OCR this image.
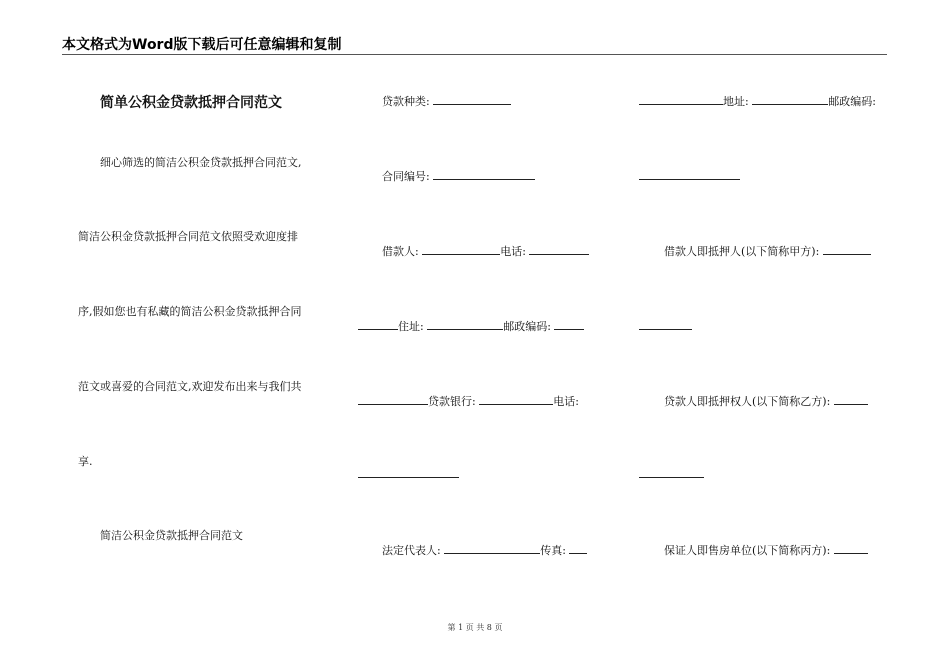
本文格式为Word版下载后可任意编辑和复制
简单公积金贷款抵押合同范文
细心筛选的简洁公积金贷款抵押合同范文,
简洁公积金贷款抵押合同范文依照受欢迎度排
序,假如您也有私藏的简洁公积金贷款抵押合同
范文或喜爱的合同范文,欢迎发布出来与我们共
享.
简洁公积金贷款抵押合同范文
贷款种类:
合同编号:
借款人:	电话:
住址:	邮政编码:
贷款银行:	电话:
法定代表人:	传真:
地址:	邮政编码:
借款人即抵押人(以下简称甲方):
贷款人即抵押权人(以下简称乙方):
保证人即售房单位(以下简称丙方):
第 1 页 共 8 页
